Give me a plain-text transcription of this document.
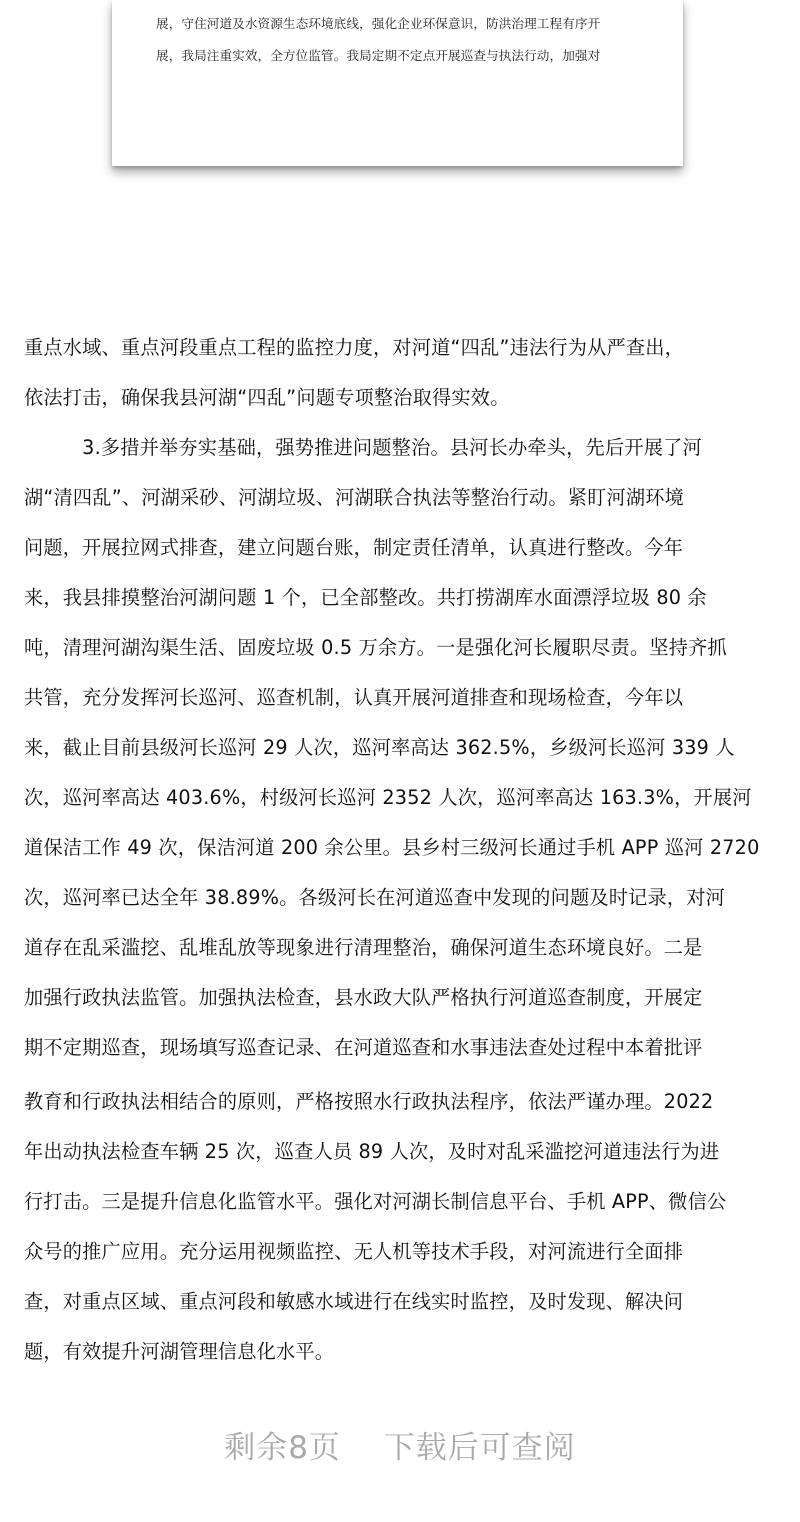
展，守住河道及水资源生态环境底线，强化企业环保意识，防洪治理工程有序开
展，我局注重实效，全方位监管。我局定期不定点开展巡查与执法行动，加强对
重点水域、重点河段重点工程的监控力度，对河道“四乱”违法行为从严查出，
依法打击，确保我县河湖“四乱”问题专项整治取得实效。
　　　3.多措并举夯实基础，强势推进问题整治。县河长办牵头，先后开展了河
湖“清四乱”、河湖采砂、河湖垃圾、河湖联合执法等整治行动。紧盯河湖环境
问题，开展拉网式排查，建立问题台账，制定责任清单，认真进行整改。今年
来，我县排摸整治河湖问题 1 个，已全部整改。共打捞湖库水面漂浮垃圾 80 余
吨，清理河湖沟渠生活、固废垃圾 0.5 万余方。一是强化河长履职尽责。坚持齐抓
共管，充分发挥河长巡河、巡查机制，认真开展河道排查和现场检查，今年以
来，截止目前县级河长巡河 29 人次，巡河率高达 362.5%，乡级河长巡河 339 人
次，巡河率高达 403.6%，村级河长巡河 2352 人次，巡河率高达 163.3%，开展河
道保洁工作 49 次，保洁河道 200 余公里。县乡村三级河长通过手机 APP 巡河 2720
次，巡河率已达全年 38.89%。各级河长在河道巡查中发现的问题及时记录，对河
道存在乱采滥挖、乱堆乱放等现象进行清理整治，确保河道生态环境良好。二是
加强行政执法监管。加强执法检查，县水政大队严格执行河道巡查制度，开展定
期不定期巡查，现场填写巡查记录、在河道巡查和水事违法查处过程中本着批评
教育和行政执法相结合的原则，严格按照水行政执法程序，依法严谨办理。2022
年出动执法检查车辆 25 次，巡查人员 89 人次，及时对乱采滥挖河道违法行为进
行打击。三是提升信息化监管水平。强化对河湖长制信息平台、手机 APP、微信公
众号的推广应用。充分运用视频监控、无人机等技术手段，对河流进行全面排
查，对重点区域、重点河段和敏感水域进行在线实时监控，及时发现、解决问
题，有效提升河湖管理信息化水平。
剩余8页 下载后可查阅
